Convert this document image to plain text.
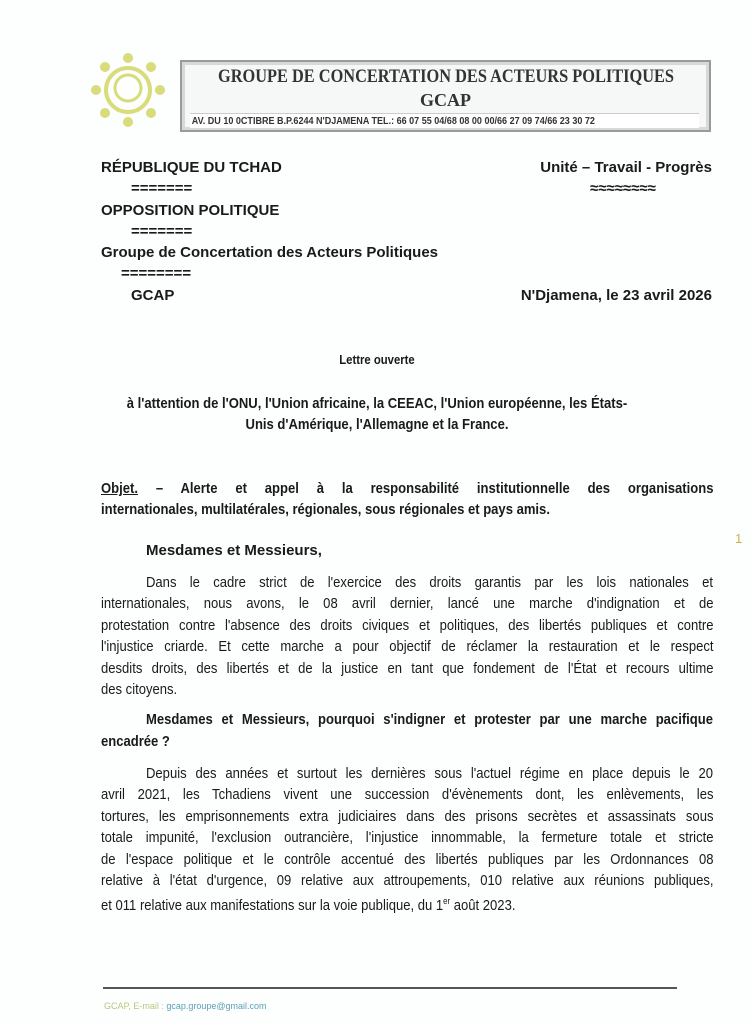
GROUPE DE CONCERTATION DES ACTEURS POLITIQUES
GCAP
AV. DU 10 0CTIBRE B.P.6244 N'DJAMENA TEL.: 66 07 55 04/68 08 00 00/66 27 09 74/66 23 30 72
RÉPUBLIQUE DU TCHAD
=======
OPPOSITION POLITIQUE
=======
Groupe de Concertation des Acteurs Politiques
========
GCAP
Unité – Travail - Progrès
≈≈≈≈≈≈≈≈
N'Djamena, le 23 avril 2026
Lettre ouverte
à l'attention de l'ONU, l'Union africaine, la CEEAC, l'Union européenne, les États-
Unis d'Amérique, l'Allemagne et la France.
Objet. – Alerte et appel à la responsabilité institutionnelle des organisations
internationales, multilatérales, régionales, sous régionales et pays amis.
Mesdames et Messieurs,
Dans le cadre strict de l'exercice des droits garantis par les lois nationales et
internationales, nous avons, le 08 avril dernier, lancé une marche d'indignation et de
protestation contre l'absence des droits civiques et politiques, des libertés publiques et contre
l'injustice criarde. Et cette marche a pour objectif de réclamer la restauration et le respect
desdits droits, des libertés et de la justice en tant que fondement de l'État et recours ultime
des citoyens.
Mesdames et Messieurs, pourquoi s'indigner et protester par une marche pacifique
encadrée ?
Depuis des années et surtout les dernières sous l'actuel régime en place depuis le 20
avril 2021, les Tchadiens vivent une succession d'évènements dont, les enlèvements, les
tortures, les emprisonnements extra judiciaires dans des prisons secrètes et assassinats sous
totale impunité, l'exclusion outrancière, l'injustice innommable, la fermeture totale et stricte
de l'espace politique et le contrôle accentué des libertés publiques par les Ordonnances 08
relative à l'état d'urgence, 09 relative aux attroupements, 010 relative aux réunions publiques,
et 011 relative aux manifestations sur la voie publique, du 1er août 2023.
1
GCAP, E-mail : gcap.groupe@gmail.com
